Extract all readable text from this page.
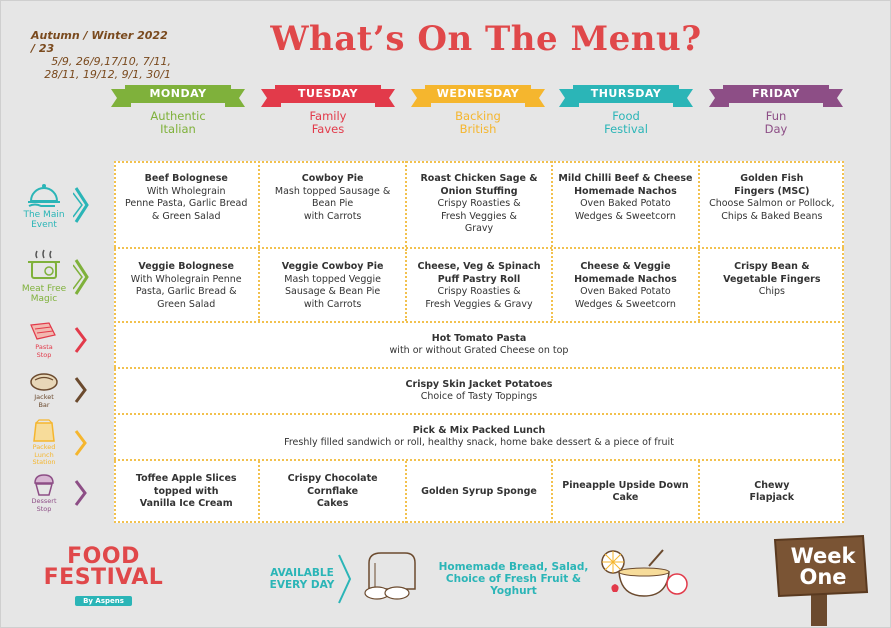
Autumn / Winter 2022 / 23
5/9, 26/9,17/10, 7/11,
28/11, 19/12, 9/1, 30/1
What’s On The Menu?
MONDAY
Authentic
Italian
TUESDAY
Family
Faves
WEDNESDAY
Backing
British
THURSDAY
Food
Festival
FRIDAY
Fun
Day
The Main
Event
Meat Free
Magic
Pasta
Stop
Jacket
Bar
Packed
Lunch
Station
Dessert
Stop
Beef Bolognese
With Wholegrain
Penne Pasta, Garlic Bread
& Green Salad
Cowboy Pie
Mash topped Sausage &
Bean Pie
with Carrots
Roast Chicken Sage &
Onion Stuffing
Crispy Roasties &
Fresh Veggies &
Gravy
Mild Chilli Beef & Cheese
Homemade Nachos
Oven Baked Potato
Wedges & Sweetcorn
Golden Fish
Fingers (MSC)
Choose Salmon or Pollock,
Chips & Baked Beans
Veggie Bolognese
With Wholegrain Penne
Pasta, Garlic Bread &
Green Salad
Veggie Cowboy Pie
Mash topped Veggie
Sausage & Bean Pie
with Carrots
Cheese, Veg & Spinach
Puff Pastry Roll
Crispy Roasties &
Fresh Veggies & Gravy
Cheese & Veggie
Homemade Nachos
Oven Baked Potato
Wedges & Sweetcorn
Crispy Bean &
Vegetable Fingers
Chips
Hot Tomato Pasta
with or without Grated Cheese on top
Crispy Skin Jacket Potatoes
Choice of Tasty Toppings
Pick & Mix Packed Lunch
Freshly filled sandwich or roll, healthy snack, home bake dessert & a piece of fruit
Toffee Apple Slices
topped with
Vanilla Ice Cream
Crispy Chocolate Cornflake
Cakes
Golden Syrup Sponge
Pineapple Upside Down
Cake
Chewy
Flapjack
FOOD
FESTIVAL
By Aspens
AVAILABLE
EVERY DAY
Homemade Bread, Salad,
Choice of Fresh Fruit & Yoghurt
Week
One
